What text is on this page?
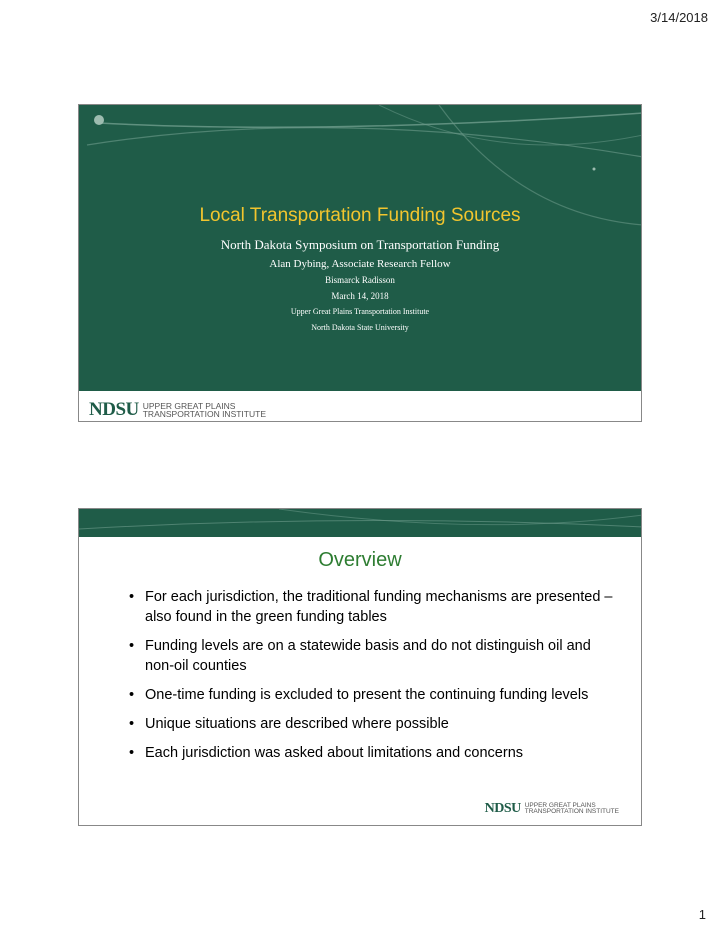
3/14/2018
Local Transportation Funding Sources
North Dakota Symposium on Transportation Funding
Alan Dybing, Associate Research Fellow
Bismarck Radisson
March 14, 2018
Upper Great Plains Transportation Institute
North Dakota State University
NDSU UPPER GREAT PLAINS
TRANSPORTATION INSTITUTE
Overview
• For each jurisdiction, the traditional funding mechanisms are presented – also found in the green funding tables
• Funding levels are on a statewide basis and do not distinguish oil and non-oil counties
• One-time funding is excluded to present the continuing funding levels
• Unique situations are described where possible
• Each jurisdiction was asked about limitations and concerns
NDSU UPPER GREAT PLAINS
TRANSPORTATION INSTITUTE
1
